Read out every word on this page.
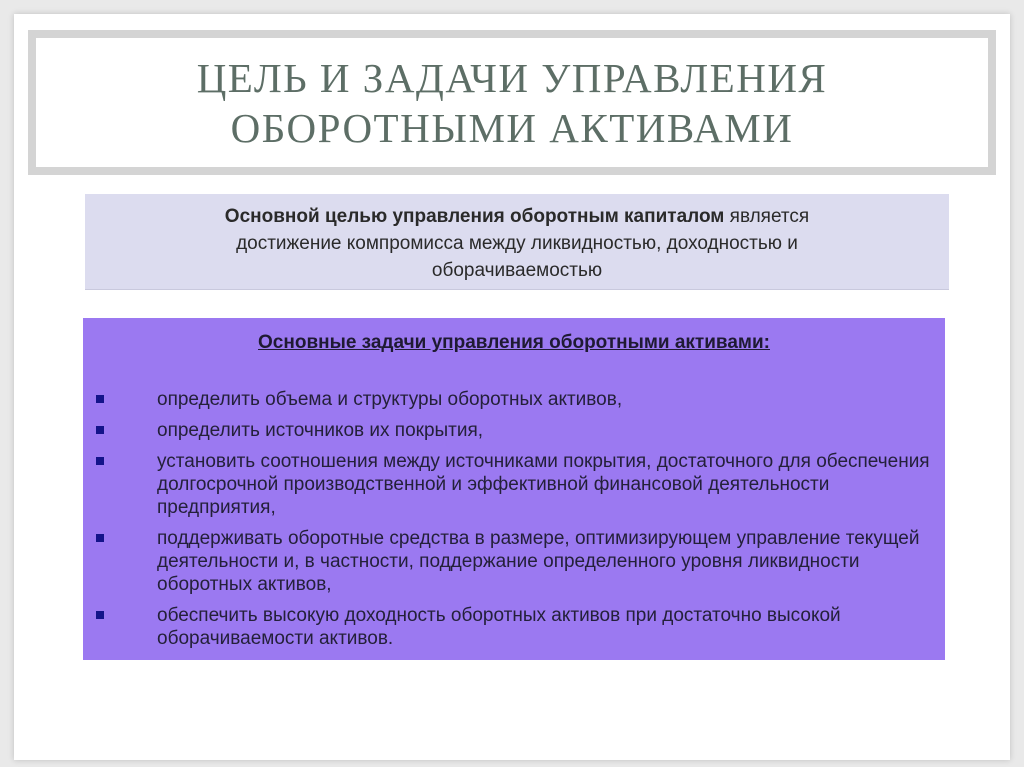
ЦЕЛЬ И ЗАДАЧИ УПРАВЛЕНИЯ
ОБОРОТНЫМИ АКТИВАМИ
Основной целью управления оборотным капиталом является
достижение компромисса между ликвидностью, доходностью и
оборачиваемостью
Основные задачи управления оборотными активами:
определить объема и структуры оборотных активов,
определить источников их покрытия,
установить соотношения между источниками покрытия, достаточного для обеспечения долгосрочной производственной и эффективной финансовой деятельности предприятия,
поддерживать оборотные средства в размере, оптимизирующем управление текущей деятельности и, в частности, поддержание определенного уровня ликвидности оборотных активов,
обеспечить высокую доходность оборотных активов при достаточно высокой оборачиваемости активов.
